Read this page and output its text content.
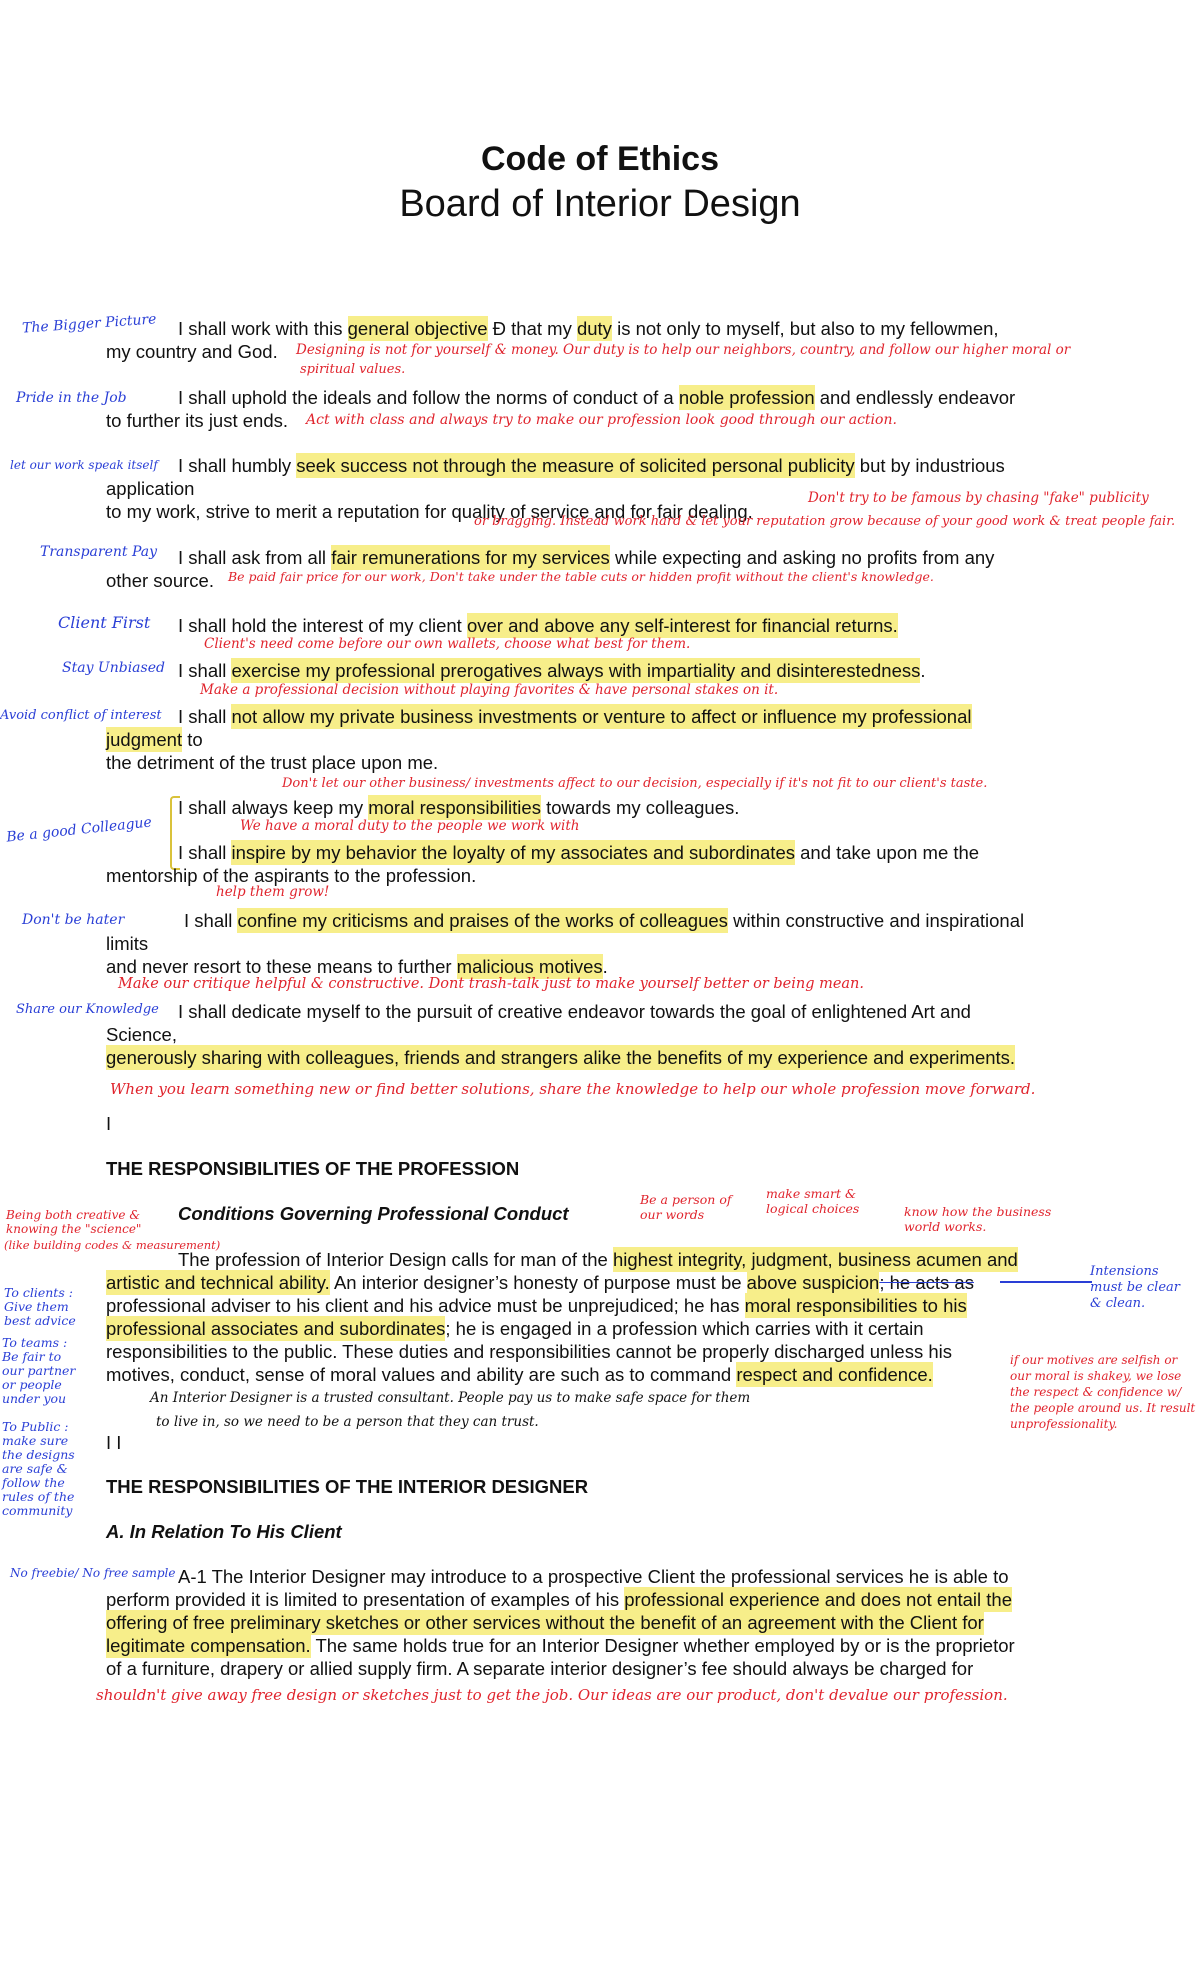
Code of Ethics
Board of Interior Design
I shall work with this general objective Ð that my duty is not only to myself, but also to my fellowmen,
my country and God.
I shall uphold the ideals and follow the norms of conduct of a noble profession and endlessly endeavor
to further its just ends.
I shall humbly seek success not through the measure of solicited personal publicity but by industrious
application
to my work, strive to merit a reputation for quality of service and for fair dealing.
I shall ask from all fair remunerations for my services while expecting and asking no profits from any
other source.
I shall hold the interest of my client over and above any self-interest for financial returns.
I shall exercise my professional prerogatives always with impartiality and disinterestedness.
I shall not allow my private business investments or venture to affect or influence my professional
judgment to
the detriment of the trust place upon me.
I shall always keep my moral responsibilities towards my colleagues.
I shall inspire by my behavior the loyalty of my associates and subordinates and take upon me the
mentorship of the aspirants to the profession.
I shall confine my criticisms and praises of the works of colleagues within constructive and inspirational
limits
and never resort to these means to further malicious motives.
I shall dedicate myself to the pursuit of creative endeavor towards the goal of enlightened Art and
Science,
generously sharing with colleagues, friends and strangers alike the benefits of my experience and experiments.
I
THE RESPONSIBILITIES OF THE PROFESSION
Conditions Governing Professional Conduct
The profession of Interior Design calls for man of the highest integrity, judgment, business acumen and
artistic and technical ability. An interior designer’s honesty of purpose must be above suspicion; he acts as
professional adviser to his client and his advice must be unprejudiced; he has moral responsibilities to his
professional associates and subordinates; he is engaged in a profession which carries with it certain
responsibilities to the public. These duties and responsibilities cannot be properly discharged unless his
motives, conduct, sense of moral values and ability are such as to command respect and confidence.
I I
THE RESPONSIBILITIES OF THE INTERIOR DESIGNER
A. In Relation To His Client
A-1 The Interior Designer may introduce to a prospective Client the professional services he is able to
perform provided it is limited to presentation of examples of his professional experience and does not entail the
offering of free preliminary sketches or other services without the benefit of an agreement with the Client for
legitimate compensation. The same holds true for an Interior Designer whether employed by or is the proprietor
of a furniture, drapery or allied supply firm. A separate interior designer’s fee should always be charged for
The Bigger Picture
Pride in the Job
let our work speak itself
Transparent Pay
Client First
Stay Unbiased
Avoid conflict of interest
Be a good Colleague
Don't be hater
Share our Knowledge
No freebie/ No free sample
To clients : Give them best advice
To teams : Be fair to our partner or people under you
To Public : make sure the designs are safe & follow the rules of the community
Intensions must be clear & clean.
Designing is not for yourself & money. Our duty is to help our neighbors, country, and follow our higher moral or
spiritual values.
Act with class and always try to make our profession look good through our action.
Don't try to be famous by chasing "fake" publicity
or bragging. Instead work hard & let your reputation grow because of your good work & treat people fair.
Be paid fair price for our work, Don't take under the table cuts or hidden profit without the client's knowledge.
Client's need come before our own wallets, choose what best for them.
Make a professional decision without playing favorites & have personal stakes on it.
Don't let our other business/ investments affect to our decision, especially if it's not fit to our client's taste.
We have a moral duty to the people we work with
help them grow!
Make our critique helpful & constructive. Dont trash-talk just to make yourself better or being mean.
When you learn something new or find better solutions, share the knowledge to help our whole profession move forward.
Being both creative & knowing the "science"
(like building codes & measurement)
Be a person of our words
make smart & logical choices	know how the business world works.
if our motives are selfish or our moral is shakey, we lose the respect & confidence w/ the people around us. It result unprofessionality.
shouldn't give away free design or sketches just to get the job. Our ideas are our product, don't devalue our profession.
An Interior Designer is a trusted consultant. People pay us to make safe space for them
to live in, so we need to be a person that they can trust.
